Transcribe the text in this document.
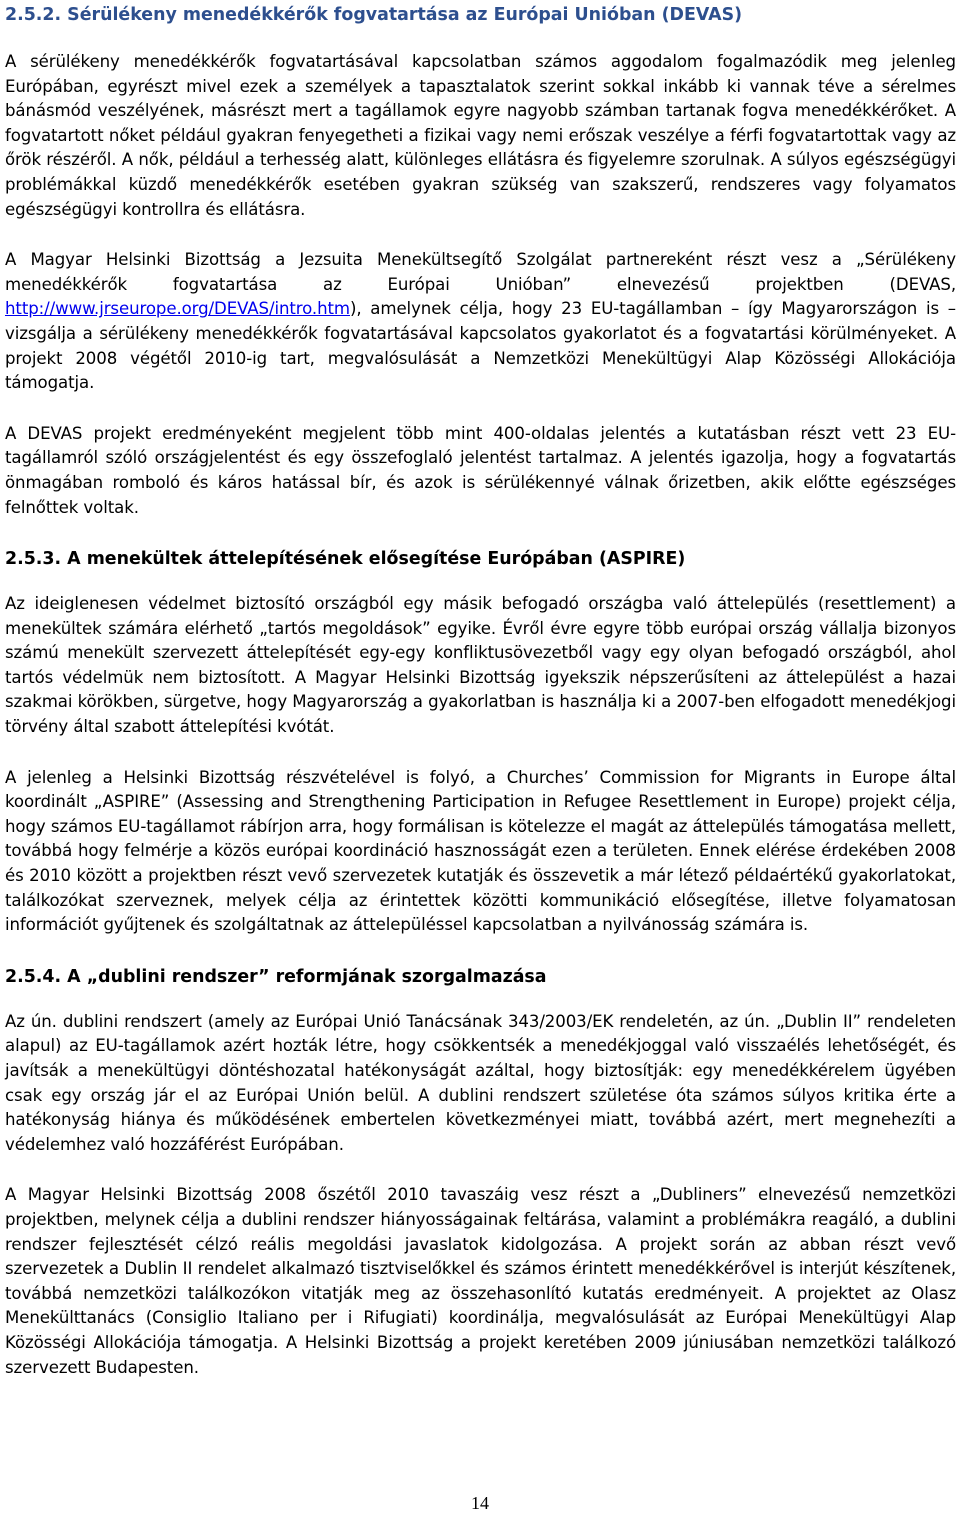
2.5.2. Sérülékeny menedékkérők fogvatartása az Európai Unióban (DEVAS)

A sérülékeny menedékkérők fogvatartásával kapcsolatban számos aggodalom fogalmazódik meg jelenleg Európában, egyrészt mivel ezek a személyek a tapasztalatok szerint sokkal inkább ki vannak téve a sérelmes bánásmód veszélyének, másrészt mert a tagállamok egyre nagyobb számban tartanak fogva menedékkérőket. A fogvatartott nőket például gyakran fenyegetheti a fizikai vagy nemi erőszak veszélye a férfi fogvatartottak vagy az őrök részéről. A nők, például a terhesség alatt, különleges ellátásra és figyelemre szorulnak. A súlyos egészségügyi problémákkal küzdő menedékkérők esetében gyakran szükség van szakszerű, rendszeres vagy folyamatos egészségügyi kontrollra és ellátásra.

A Magyar Helsinki Bizottság a Jezsuita Menekültsegítő Szolgálat partnereként részt vesz a „Sérülékeny menedékkérők fogvatartása az Európai Unióban” elnevezésű projektben (DEVAS, http://www.jrseurope.org/DEVAS/intro.htm), amelynek célja, hogy 23 EU-tagállamban – így Magyarországon is – vizsgálja a sérülékeny menedékkérők fogvatartásával kapcsolatos gyakorlatot és a fogvatartási körülményeket. A projekt 2008 végétől 2010-ig tart, megvalósulását a Nemzetközi Menekültügyi Alap Közösségi Allokációja támogatja.

A DEVAS projekt eredményeként megjelent több mint 400-oldalas jelentés a kutatásban részt vett 23 EU-tagállamról szóló országjelentést és egy összefoglaló jelentést tartalmaz. A jelentés igazolja, hogy a fogvatartás önmagában romboló és káros hatással bír, és azok is sérülékennyé válnak őrizetben, akik előtte egészséges felnőttek voltak.

2.5.3. A menekültek áttelepítésének elősegítése Európában (ASPIRE)

Az ideiglenesen védelmet biztosító országból egy másik befogadó országba való áttelepülés (resettlement) a menekültek számára elérhető „tartós megoldások” egyike. Évről évre egyre több európai ország vállalja bizonyos számú menekült szervezett áttelepítését egy-egy konfliktusövezetből vagy egy olyan befogadó országból, ahol tartós védelmük nem biztosított. A Magyar Helsinki Bizottság igyekszik népszerűsíteni az áttelepülést a hazai szakmai körökben, sürgetve, hogy Magyarország a gyakorlatban is használja ki a 2007-ben elfogadott menedékjogi törvény által szabott áttelepítési kvótát.

A jelenleg a Helsinki Bizottság részvételével is folyó, a Churches’ Commission for Migrants in Europe által koordinált „ASPIRE” (Assessing and Strengthening Participation in Refugee Resettlement in Europe) projekt célja, hogy számos EU-tagállamot rábírjon arra, hogy formálisan is kötelezze el magát az áttelepülés támogatása mellett, továbbá hogy felmérje a közös európai koordináció hasznosságát ezen a területen. Ennek elérése érdekében 2008 és 2010 között a projektben részt vevő szervezetek kutatják és összevetik a már létező példaértékű gyakorlatokat, találkozókat szerveznek, melyek célja az érintettek közötti kommunikáció elősegítése, illetve folyamatosan információt gyűjtenek és szolgáltatnak az áttelepüléssel kapcsolatban a nyilvánosság számára is.

2.5.4. A „dublini rendszer” reformjának szorgalmazása

Az ún. dublini rendszert (amely az Európai Unió Tanácsának 343/2003/EK rendeletén, az ún. „Dublin II” rendeleten alapul) az EU-tagállamok azért hozták létre, hogy csökkentsék a menedékjoggal való visszaélés lehetőségét, és javítsák a menekültügyi döntéshozatal hatékonyságát azáltal, hogy biztosítják: egy menedékkérelem ügyében csak egy ország jár el az Európai Unión belül. A dublini rendszert születése óta számos súlyos kritika érte a hatékonyság hiánya és működésének embertelen következményei miatt, továbbá azért, mert megnehezíti a védelemhez való hozzáférést Európában.

A Magyar Helsinki Bizottság 2008 őszétől 2010 tavaszáig vesz részt a „Dubliners” elnevezésű nemzetközi projektben, melynek célja a dublini rendszer hiányosságainak feltárása, valamint a problémákra reagáló, a dublini rendszer fejlesztését célzó reális megoldási javaslatok kidolgozása. A projekt során az abban részt vevő szervezetek a Dublin II rendelet alkalmazó tisztviselőkkel és számos érintett menedékkérővel is interjút készítenek, továbbá nemzetközi találkozókon vitatják meg az összehasonlító kutatás eredményeit. A projektet az Olasz Menekülttanács (Consiglio Italiano per i Rifugiati) koordinálja, megvalósulását az Európai Menekültügyi Alap Közösségi Allokációja támogatja. A Helsinki Bizottság a projekt keretében 2009 júniusában nemzetközi találkozó szervezett Budapesten.

14
